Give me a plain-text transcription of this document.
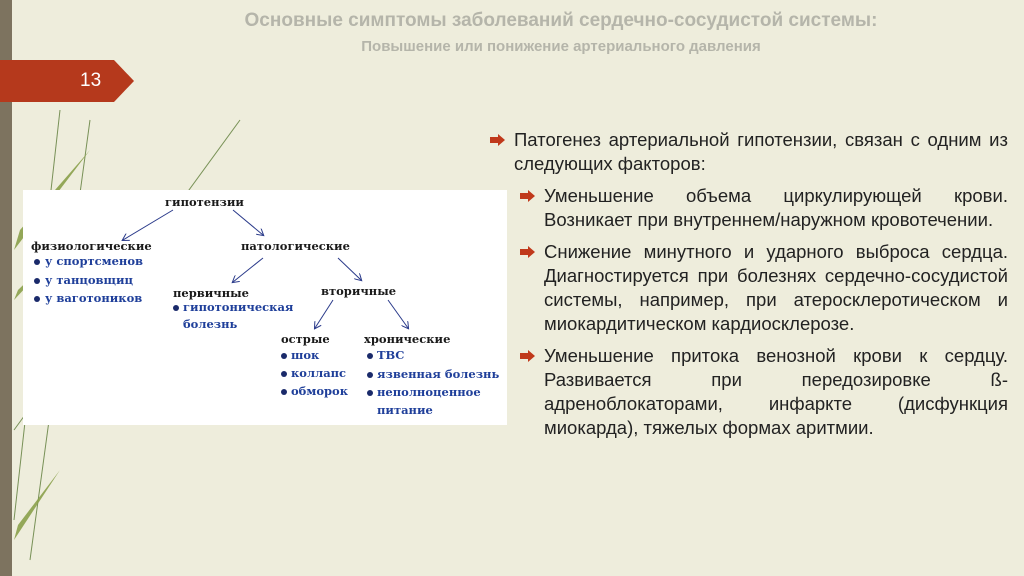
Основные симптомы заболеваний сердечно-сосудистой системы:
Повышение или понижение артериального давления
13
гипотензии
физиологические
у спортсменов
у танцовщиц
у ваготоников
патологические
первичные
гипотоническая
болезнь
вторичные
острые
шок
коллапс
обморок
хронические
ТВС
язвенная болезнь
неполноценное
питание
Патогенез артериальной гипотензии, связан с одним из следующих факторов:
Уменьшение объема циркулирующей крови. Возникает при внутреннем/наружном кровотечении.
Снижение минутного и ударного выброса сердца. Диагностируется при болезнях сердечно-сосудистой системы, например, при атеросклеротическом и миокардитическом кардиосклерозе.
Уменьшение притока венозной крови к сердцу. Развивается при передозировке ß-адреноблокаторами, инфаркте (дисфункция миокарда), тяжелых формах аритмии.
